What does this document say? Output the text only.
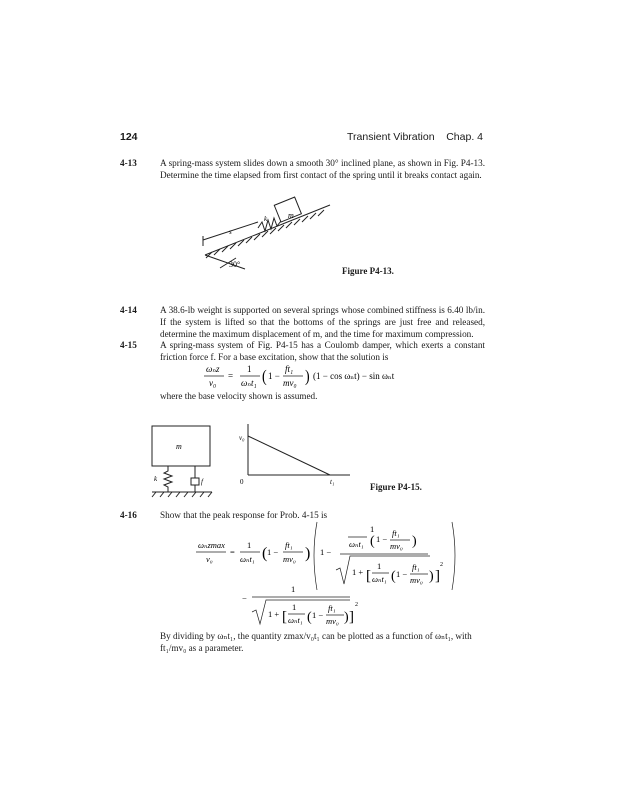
124	Transient Vibration    Chap. 4
4-13	A spring-mass system slides down a smooth 30° inclined plane, as shown in Fig. P4-13. Determine the time elapsed from first contact of the spring until it breaks contact again.
m
k
s
30°
Figure P4-13.
4-14	A 38.6-lb weight is supported on several springs whose combined stiffness is 6.40 lb/in. If the system is lifted so that the bottoms of the springs are just free and released, determine the maximum displacement of m, and the time for maximum compression.
4-15	A spring-mass system of Fig. P4-15 has a Coulomb damper, which exerts a constant friction force f. For a base excitation, show that the solution is
ωₙz
v₀
=
1
ωₙt₁ ( 1 −
ft₁
mv₀ ) (1 − cos ωₙt) − sin ωₙt
where the base velocity shown is assumed.
m
k	f
v₀
0	t₁	Figure P4-15.
4-16	Show that the peak response for Prob. 4-15 is
ωₙzmax
v₀
=
1
ωₙt₁ ( 1 −
ft₁
mv₀ ) 1 −
1
ωₙt₁ ( 1 −
ft₁
mv₀ )
1 + [
1
ωₙt₁ ( 1 −
ft₁
mv₀ ) ]
2
−
1
1 + [
1
ωₙt₁ ( 1 −
ft₁
mv₀ ) ]
2
By dividing by ωₙt₁, the quantity zmax/v₀t₁ can be plotted as a function of ωₙt₁, with ft₁/mv₀ as a parameter.
